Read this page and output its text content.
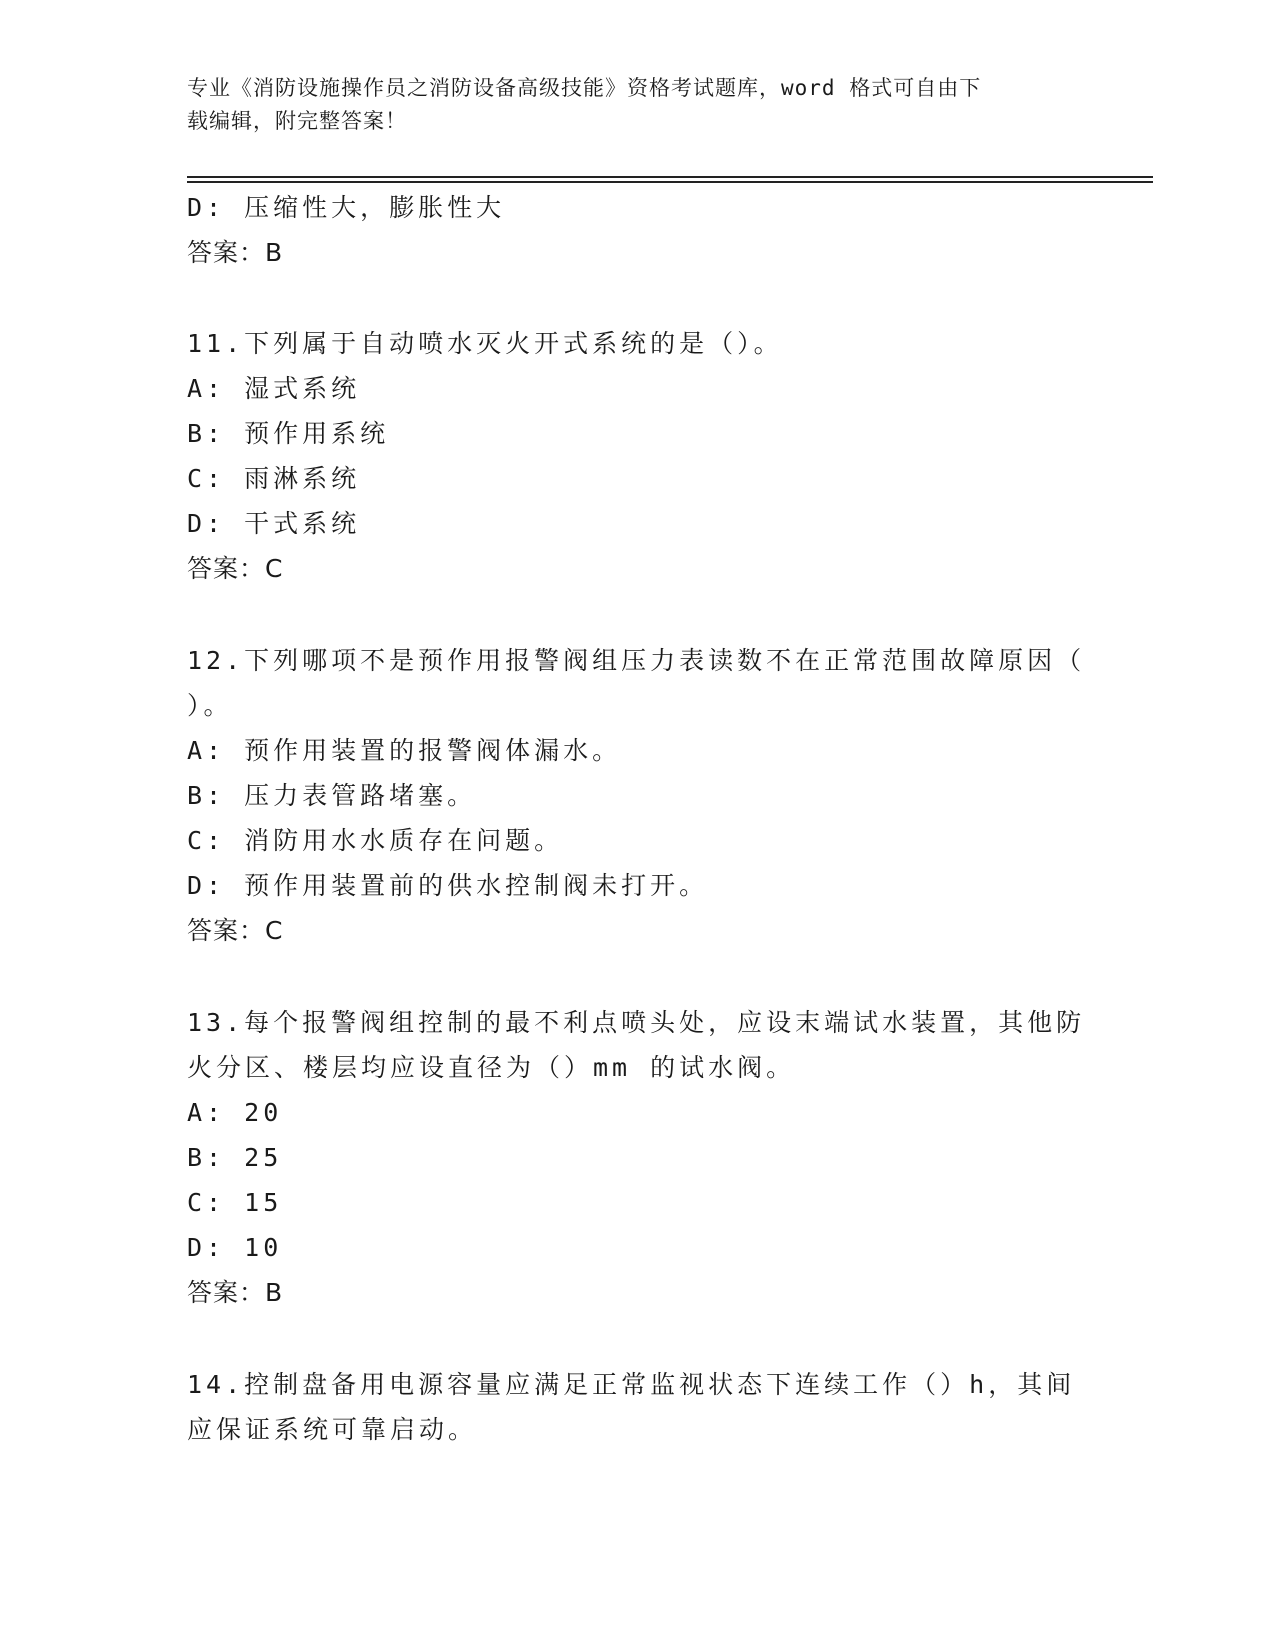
专业《消防设施操作员之消防设备高级技能》资格考试题库，word 格式可自由下
载编辑，附完整答案！
D: 压缩性大，膨胀性大
答案：B
11.下列属于自动喷水灭火开式系统的是（）。
A: 湿式系统
B: 预作用系统
C: 雨淋系统
D: 干式系统
答案：C
12.下列哪项不是预作用报警阀组压力表读数不在正常范围故障原因（
）。
A: 预作用装置的报警阀体漏水。
B: 压力表管路堵塞。
C: 消防用水水质存在问题。
D: 预作用装置前的供水控制阀未打开。
答案：C
13.每个报警阀组控制的最不利点喷头处，应设末端试水装置，其他防
火分区、楼层均应设直径为（）mm 的试水阀。
A: 20
B: 25
C: 15
D: 10
答案：B
14.控制盘备用电源容量应满足正常监视状态下连续工作（）h，其间
应保证系统可靠启动。
